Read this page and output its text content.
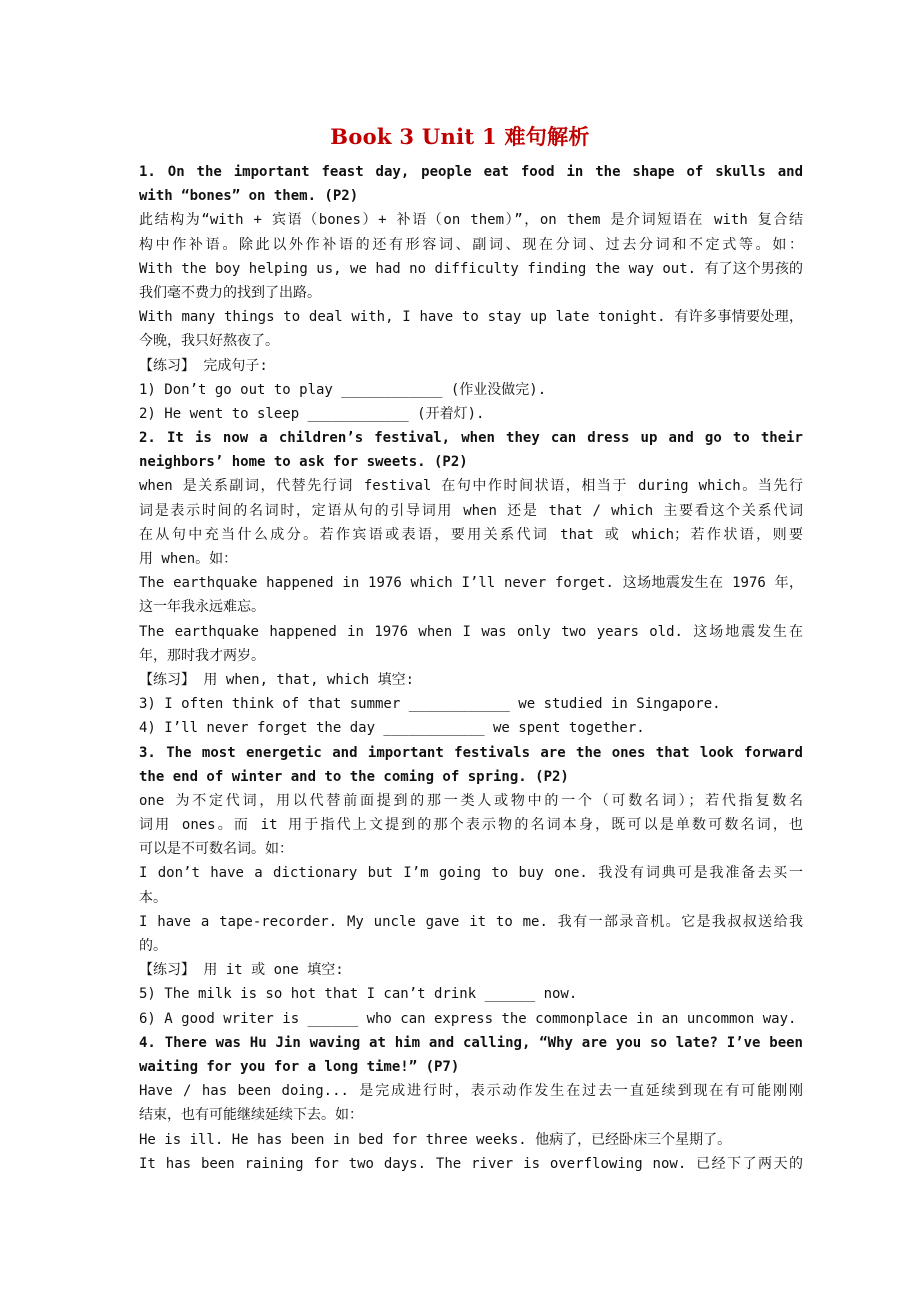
Book 3 Unit 1 难句解析
1. On the important feast day, people eat food in the shape of skulls and
with “bones” on them. (P2)
此结构为“with + 宾语（bones）+ 补语（on them）”，on them 是介词短语在 with 复合结
构中作补语。除此以外作补语的还有形容词、副词、现在分词、过去分词和不定式等。如：
With the boy helping us, we had no difficulty finding the way out. 有了这个男孩的
我们毫不费力的找到了出路。
With many things to deal with, I have to stay up late tonight. 有许多事情要处理，
今晚，我只好熬夜了。
【练习】 完成句子:
1) Don’t go out to play ____________ (作业没做完).
2) He went to sleep ____________ (开着灯).
2. It is now a children’s festival, when they can dress up and go to their
neighbors’ home to ask for sweets. (P2)
when 是关系副词，代替先行词 festival 在句中作时间状语，相当于 during which。当先行
词是表示时间的名词时，定语从句的引导词用 when 还是 that / which 主要看这个关系代词
在从句中充当什么成分。若作宾语或表语，要用关系代词 that 或 which；若作状语，则要
用 when。如：
The earthquake happened in 1976 which I’ll never forget. 这场地震发生在 1976 年，
这一年我永远难忘。
The earthquake happened in 1976 when I was only two years old. 这场地震发生在
年，那时我才两岁。
【练习】 用 when, that, which 填空:
3) I often think of that summer ____________ we studied in Singapore.
4) I’ll never forget the day ____________ we spent together.
3. The most energetic and important festivals are the ones that look forward
the end of winter and to the coming of spring. (P2)
one 为不定代词，用以代替前面提到的那一类人或物中的一个（可数名词）；若代指复数名
词用 ones。而 it 用于指代上文提到的那个表示物的名词本身，既可以是单数可数名词，也
可以是不可数名词。如：
I don’t have a dictionary but I’m going to buy one. 我没有词典可是我准备去买一
本。
I have a tape-recorder. My uncle gave it to me. 我有一部录音机。它是我叔叔送给我
的。
【练习】 用 it 或 one 填空:
5) The milk is so hot that I can’t drink ______ now.
6) A good writer is ______ who can express the commonplace in an uncommon way.
4. There was Hu Jin waving at him and calling, “Why are you so late? I’ve been
waiting for you for a long time!” (P7)
Have / has been doing... 是完成进行时，表示动作发生在过去一直延续到现在有可能刚刚
结束，也有可能继续延续下去。如：
He is ill. He has been in bed for three weeks. 他病了，已经卧床三个星期了。
It has been raining for two days. The river is overflowing now. 已经下了两天的
